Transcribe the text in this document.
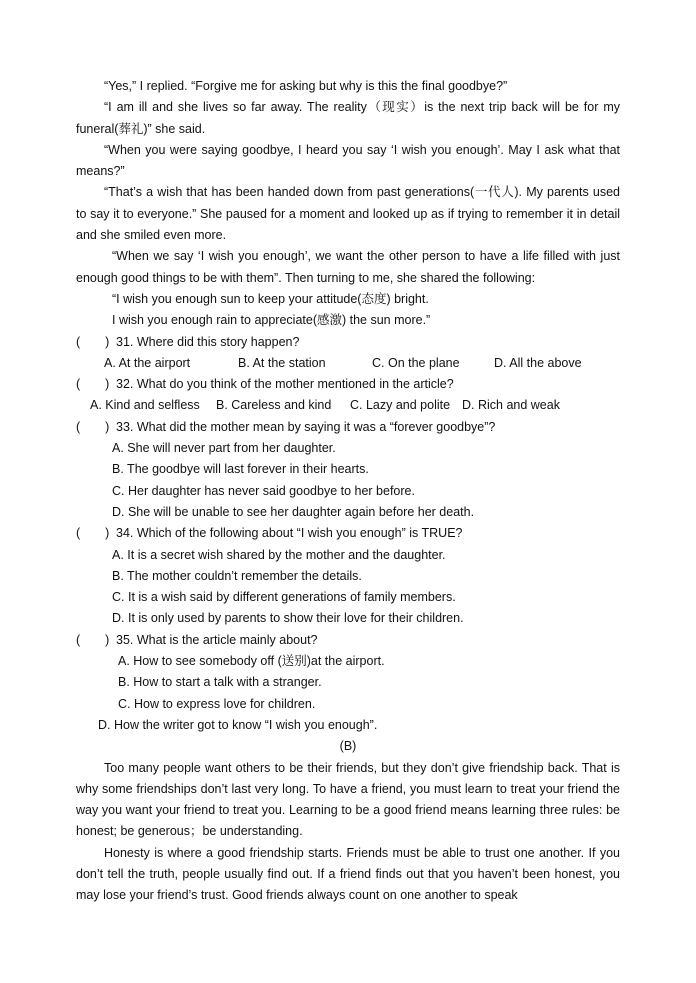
“Yes,” I replied. “Forgive me for asking but why is this the final goodbye?”

“I am ill and she lives so far away. The reality（现实）is the next trip back will be for my funeral(葬礼)” she said.

“When you were saying goodbye, I heard you say ‘I wish you enough’. May I ask what that means?”

“That’s a wish that has been handed down from past generations(一代人). My parents used to say it to everyone.” She paused for a moment and looked up as if trying to remember it in detail and she smiled even more.

“When we say ‘I wish you enough’, we want the other person to have a life filled with just enough good things to be with them”. Then turning to me, she shared the following:

“I wish you enough sun to keep your attitude(态度) bright.

I wish you enough rain to appreciate(感激) the sun more.”

(　　) 31. Where did this story happen?

A. At the airport	B. At the station	C. On the plane	D. All the above

(　　) 32. What do you think of the mother mentioned in the article?

A. Kind and selfless	B. Careless and kind	C. Lazy and polite D. Rich and weak

(　　) 33. What did the mother mean by saying it was a “forever goodbye”?

A. She will never part from her daughter.

B. The goodbye will last forever in their hearts.

C. Her daughter has never said goodbye to her before.

D. She will be unable to see her daughter again before her death.

(　　) 34. Which of the following about “I wish you enough” is TRUE?

A. It is a secret wish shared by the mother and the daughter.

B. The mother couldn’t remember the details.

C. It is a wish said by different generations of family members.

D. It is only used by parents to show their love for their children.

(　　) 35. What is the article mainly about?

A. How to see somebody off (送别)at the airport.

B. How to start a talk with a stranger.

C. How to express love for children.

D. How the writer got to know “I wish you enough”.

(B)

Too many people want others to be their friends, but they don’t give friendship back. That is why some friendships don’t last very long. To have a friend, you must learn to treat your friend the way you want your friend to treat you. Learning to be a good friend means learning three rules: be honest; be generous；be understanding.

Honesty is where a good friendship starts. Friends must be able to trust one another. If you don’t tell the truth, people usually find out. If a friend finds out that you haven’t been honest, you may lose your friend’s trust. Good friends always count on one another to speak
